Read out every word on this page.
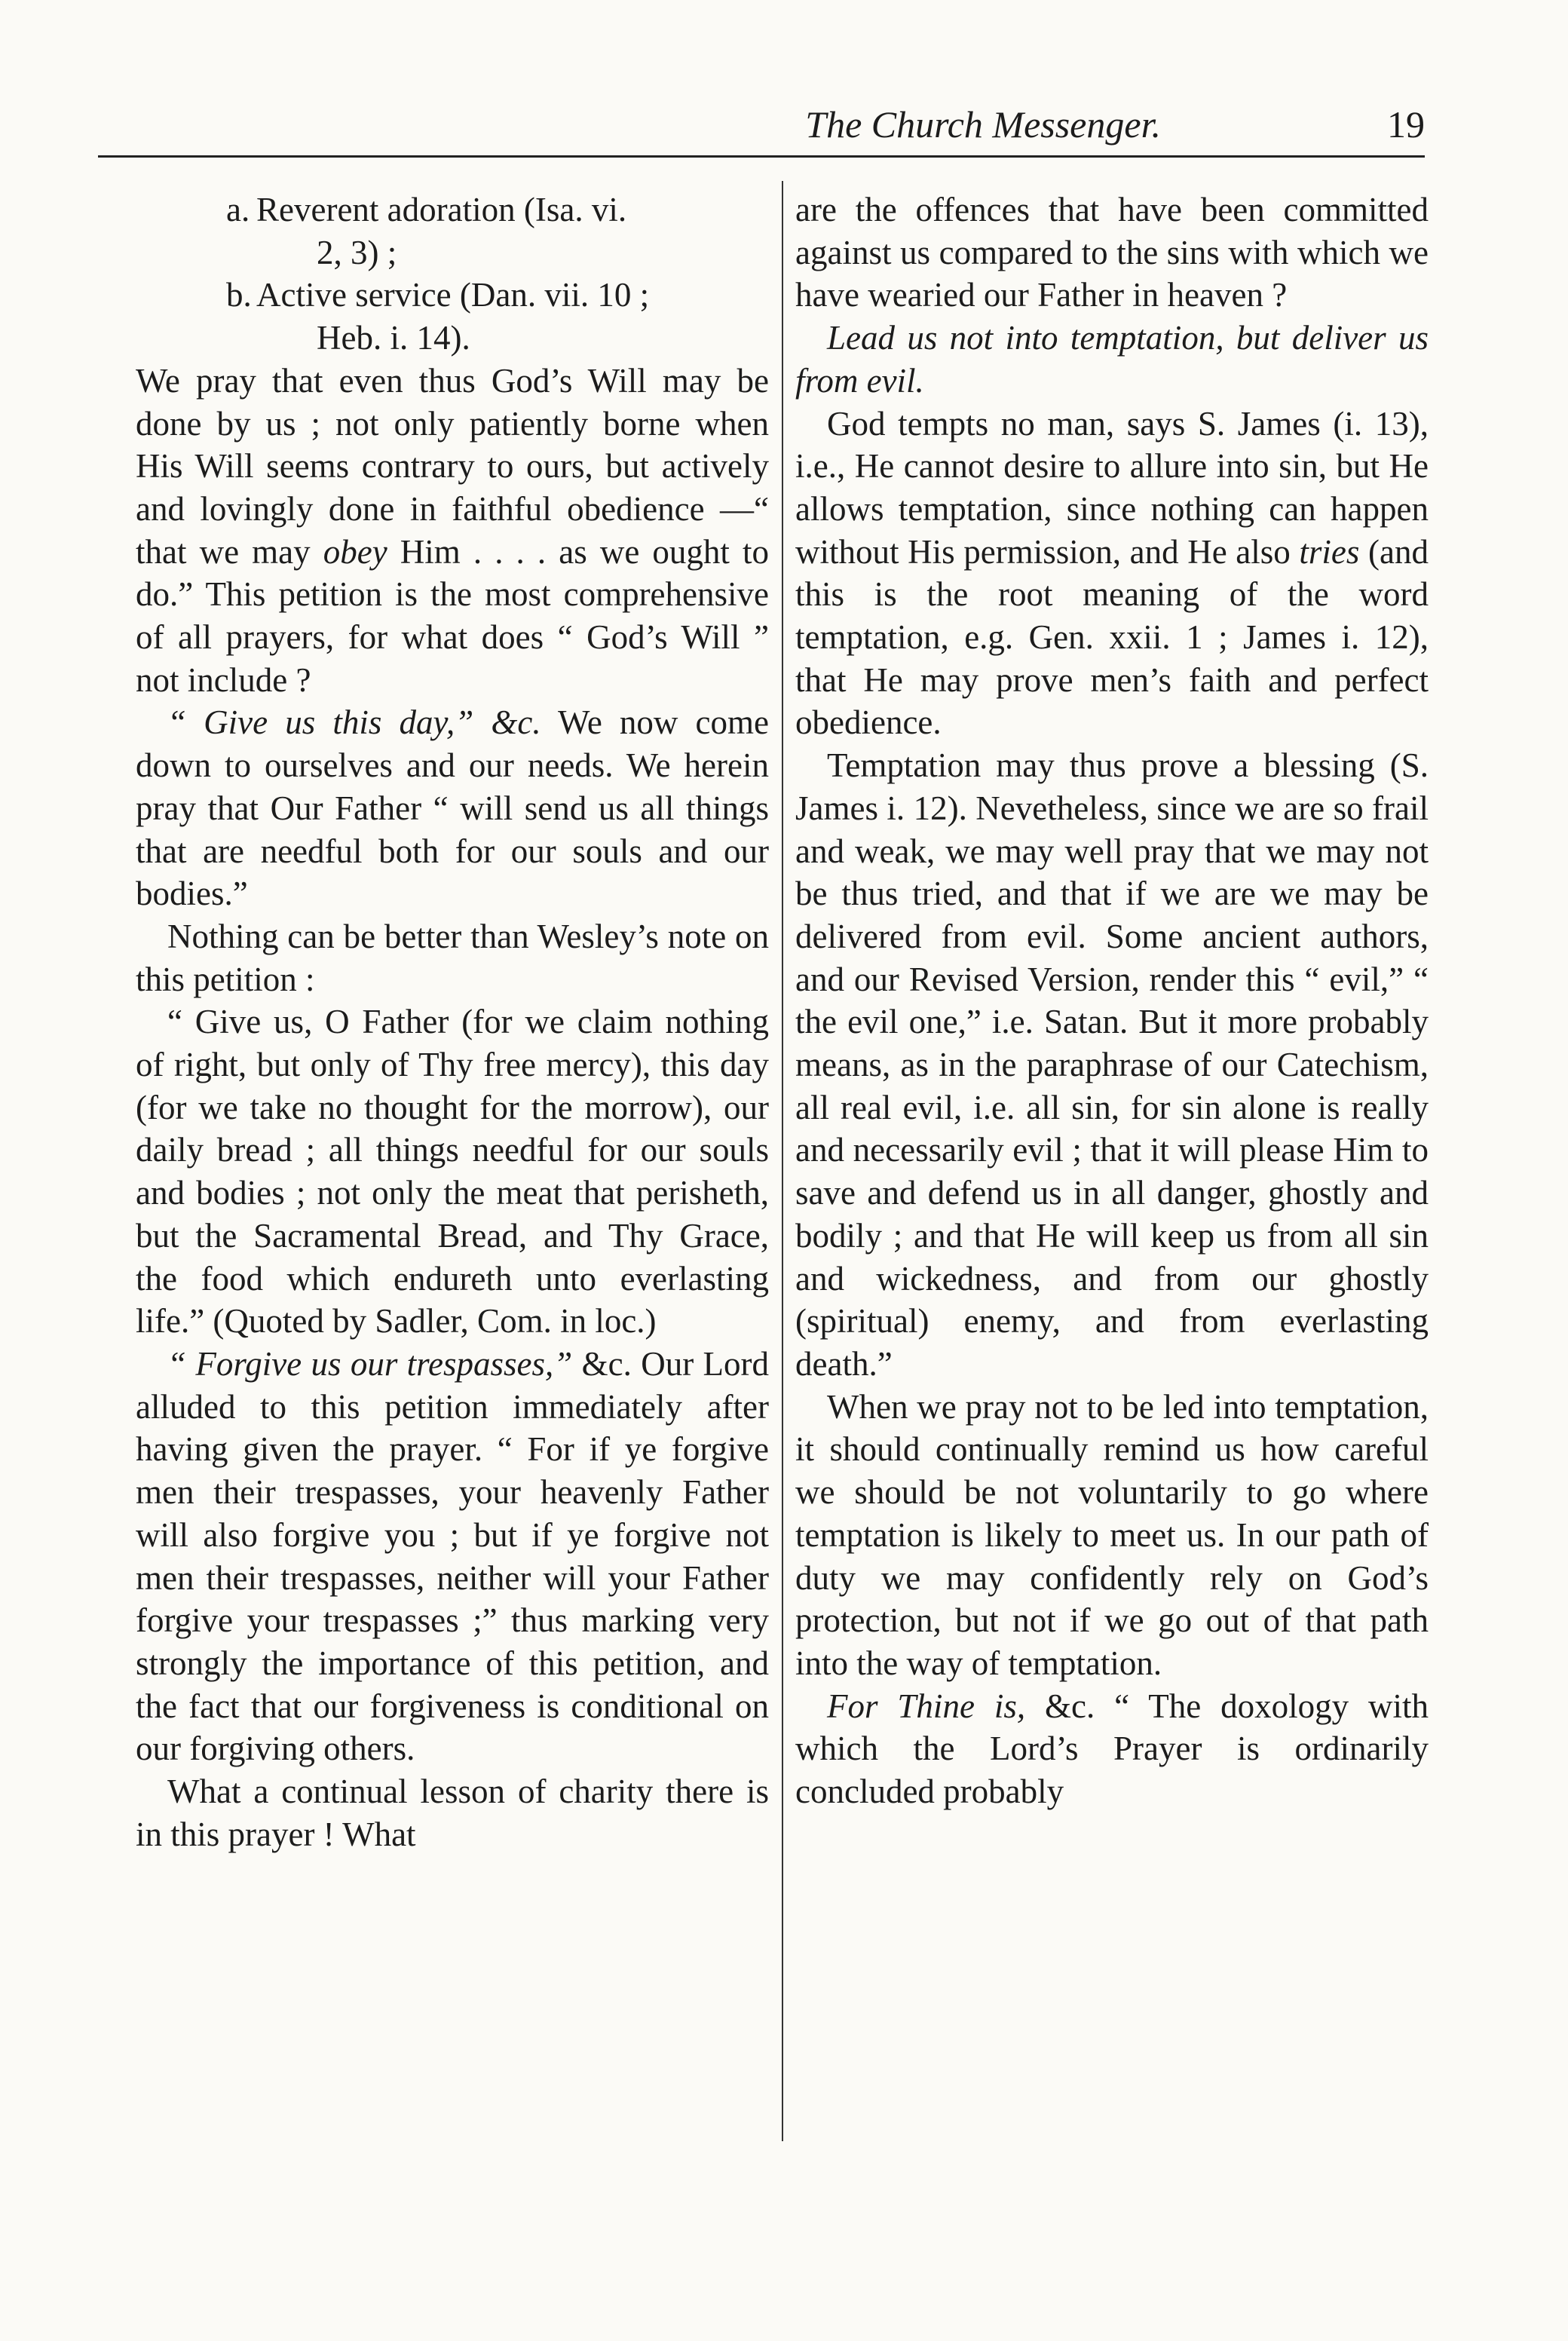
The Church Messenger.	19

a. Reverent adoration (Isa. vi.
2, 3) ;

b. Active service (Dan. vii. 10 ;
Heb. i. 14).

We pray that even thus God’s Will may be done by us ; not only patiently borne when His Will seems contrary to ours, but actively and lovingly done in faithful obedience —“ that we may obey Him . . . . as we ought to do.” This petition is the most comprehensive of all prayers, for what does “ God’s Will ” not include ?

“ Give us this day,” &c. We now come down to ourselves and our needs. We herein pray that Our Father “ will send us all things that are needful both for our souls and our bodies.”

Nothing can be better than Wesley’s note on this petition :

“ Give us, O Father (for we claim nothing of right, but only of Thy free mercy), this day (for we take no thought for the morrow), our daily bread ; all things needful for our souls and bodies ; not only the meat that perisheth, but the Sacramental Bread, and Thy Grace, the food which endureth unto everlasting life.” (Quoted by Sadler, Com. in loc.)

“ Forgive us our trespasses,” &c. Our Lord alluded to this petition immediately after having given the prayer. “ For if ye forgive men their trespasses, your heavenly Father will also forgive you ; but if ye forgive not men their trespasses, neither will your Father forgive your trespasses ;” thus marking very strongly the importance of this petition, and the fact that our forgiveness is conditional on our forgiving others.

What a continual lesson of charity there is in this prayer ! What

are the offences that have been committed against us compared to the sins with which we have wearied our Father in heaven ?

Lead us not into temptation, but deliver us from evil.

God tempts no man, says S. James (i. 13), i.e., He cannot desire to allure into sin, but He allows temptation, since nothing can happen without His permission, and He also tries (and this is the root meaning of the word temptation, e.g. Gen. xxii. 1 ; James i. 12), that He may prove men’s faith and perfect obedience.

Temptation may thus prove a blessing (S. James i. 12). Nevetheless, since we are so frail and weak, we may well pray that we may not be thus tried, and that if we are we may be delivered from evil. Some ancient authors, and our Revised Version, render this “ evil,” “ the evil one,” i.e. Satan. But it more probably means, as in the paraphrase of our Catechism, all real evil, i.e. all sin, for sin alone is really and necessarily evil ; that it will please Him to save and defend us in all danger, ghostly and bodily ; and that He will keep us from all sin and wickedness, and from our ghostly (spiritual) enemy, and from everlasting death.”

When we pray not to be led into temptation, it should continually remind us how careful we should be not voluntarily to go where temptation is likely to meet us. In our path of duty we may confidently rely on God’s protection, but not if we go out of that path into the way of temptation.

For Thine is, &c. “ The doxology with which the Lord’s Prayer is ordinarily concluded probably
